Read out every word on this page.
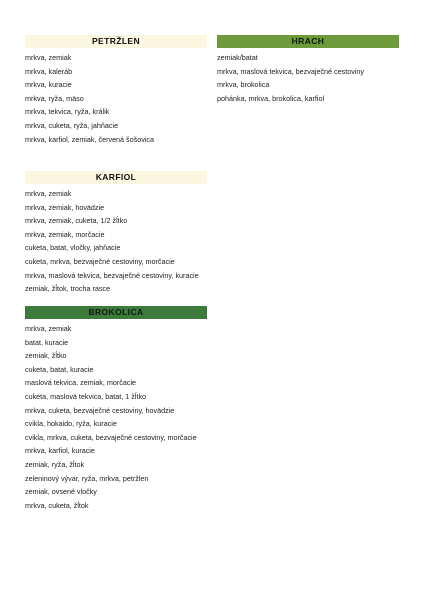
PETRŽLEN
mrkva, zemiak
mrkva, kaleráb
mrkva, kuracie
mrkva, ryža, mäso
mrkva, tekvica, ryža, králik
mrkva, cuketa, ryža, jahňacie
mrkva, karfiol, zemiak, červená šošovica
HRACH
zemiak/batat
mrkva, maslová tekvica, bezvaječné cestoviny
mrkva, brokolica
pohánka, mrkva, brokolica, karfiol
KARFIOL
mrkva, zemiak
mrkva, zemiak, hovädzie
mrkva, zemiak, cuketa, 1/2 žĺtko
mrkva, zemiak, morčacie
cuketa, batat, vločky, jahňacie
cuketa, mrkva, bezvaječné cestoviny, morčacie
mrkva, maslová tekvica, bezvaječné cestoviny, kuracie
zemiak, žĺtok, trocha rasce
BROKOLICA
mrkva, zemiak
batat, kuracie
zemiak, žĺtko
cuketa, batat, kuracie
maslová tekvica, zemiak, morčacie
cuketa, maslová tekvica, batat, 1 žĺtko
mrkva, cuketa, bezvaječné cestoviny, hovädzie
cvikla, hokaido, ryža, kuracie
cvikla, mrkva, cuketa, bezvaječné cestoviny, morčacie
mrkva, karfiol, kuracie
zemiak, ryža, žĺtok
zeleninový vývar, ryža, mrkva, petržlen
zemiak, ovsené vločky
mrkva, cuketa, žĺtok
